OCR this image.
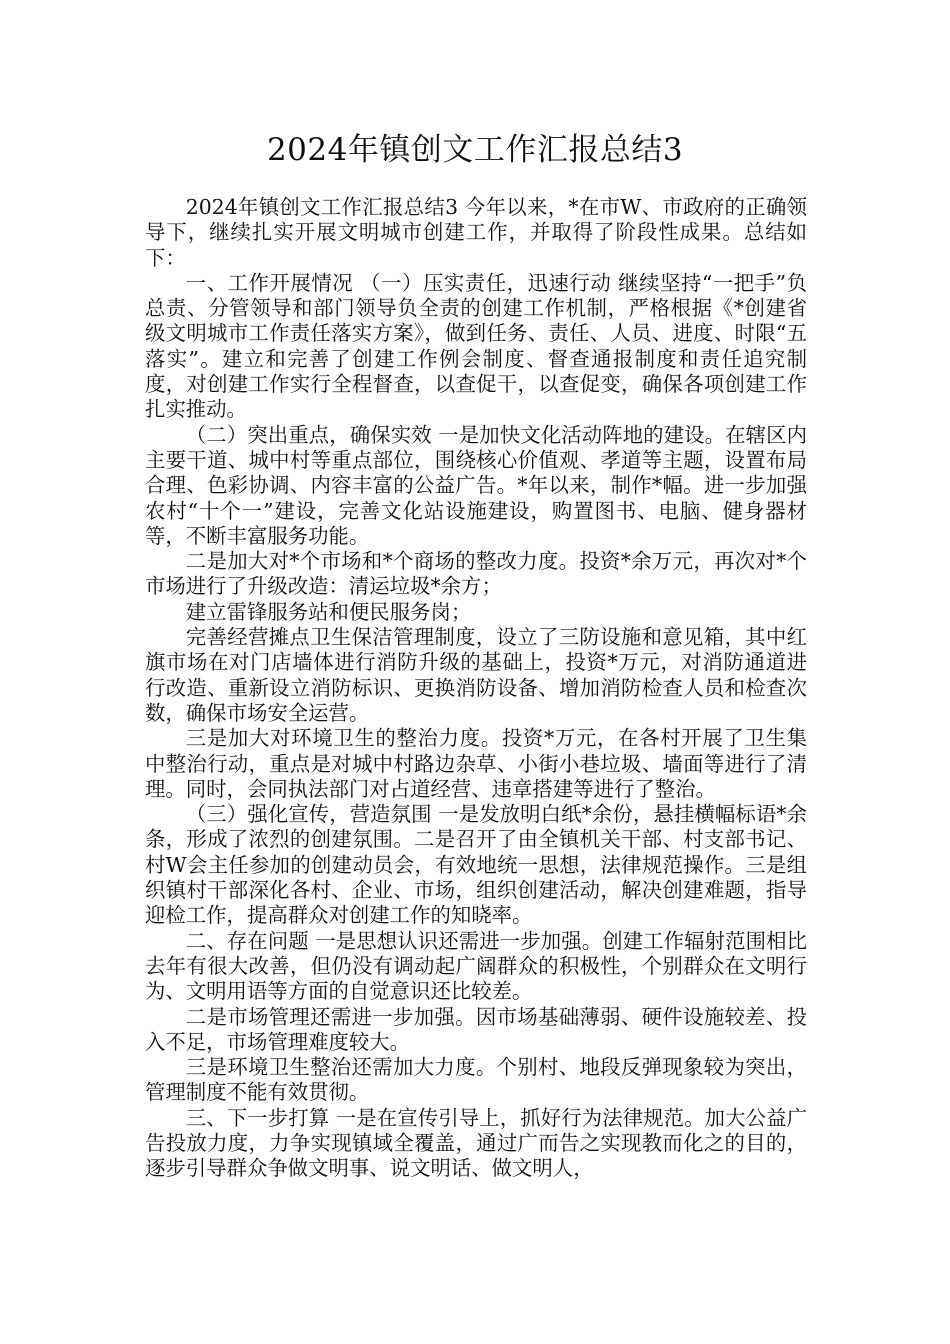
2024年镇创文工作汇报总结3

2024年镇创文工作汇报总结3 今年以来，*在市W、市政府的正确领导下，继续扎实开展文明城市创建工作，并取得了阶段性成果。总结如下：

一、工作开展情况 （一）压实责任，迅速行动 继续坚持“一把手”负总责、分管领导和部门领导负全责的创建工作机制，严格根据《*创建省级文明城市工作责任落实方案》，做到任务、责任、人员、进度、时限“五落实”。建立和完善了创建工作例会制度、督查通报制度和责任追究制度，对创建工作实行全程督查，以查促干，以查促变，确保各项创建工作扎实推动。

（二）突出重点，确保实效 一是加快文化活动阵地的建设。在辖区内主要干道、城中村等重点部位，围绕核心价值观、孝道等主题，设置布局合理、色彩协调、内容丰富的公益广告。*年以来，制作*幅。进一步加强农村“十个一”建设，完善文化站设施建设，购置图书、电脑、健身器材等，不断丰富服务功能。

二是加大对*个市场和*个商场的整改力度。投资*余万元，再次对*个市场进行了升级改造：清运垃圾*余方；

建立雷锋服务站和便民服务岗；

完善经营摊点卫生保洁管理制度，设立了三防设施和意见箱，其中红旗市场在对门店墙体进行消防升级的基础上，投资*万元，对消防通道进行改造、重新设立消防标识、更换消防设备、增加消防检查人员和检查次数，确保市场安全运营。

三是加大对环境卫生的整治力度。投资*万元，在各村开展了卫生集中整治行动，重点是对城中村路边杂草、小街小巷垃圾、墙面等进行了清理。同时，会同执法部门对占道经营、违章搭建等进行了整治。

（三）强化宣传，营造氛围 一是发放明白纸*余份，悬挂横幅标语*余条，形成了浓烈的创建氛围。二是召开了由全镇机关干部、村支部书记、村W会主任参加的创建动员会，有效地统一思想，法律规范操作。三是组织镇村干部深化各村、企业、市场，组织创建活动，解决创建难题，指导迎检工作，提高群众对创建工作的知晓率。

二、存在问题 一是思想认识还需进一步加强。创建工作辐射范围相比去年有很大改善，但仍没有调动起广阔群众的积极性，个别群众在文明行为、文明用语等方面的自觉意识还比较差。

二是市场管理还需进一步加强。因市场基础薄弱、硬件设施较差、投入不足，市场管理难度较大。

三是环境卫生整治还需加大力度。个别村、地段反弹现象较为突出，管理制度不能有效贯彻。

三、下一步打算 一是在宣传引导上，抓好行为法律规范。加大公益广告投放力度，力争实现镇域全覆盖，通过广而告之实现教而化之的目的，逐步引导群众争做文明事、说文明话、做文明人，
